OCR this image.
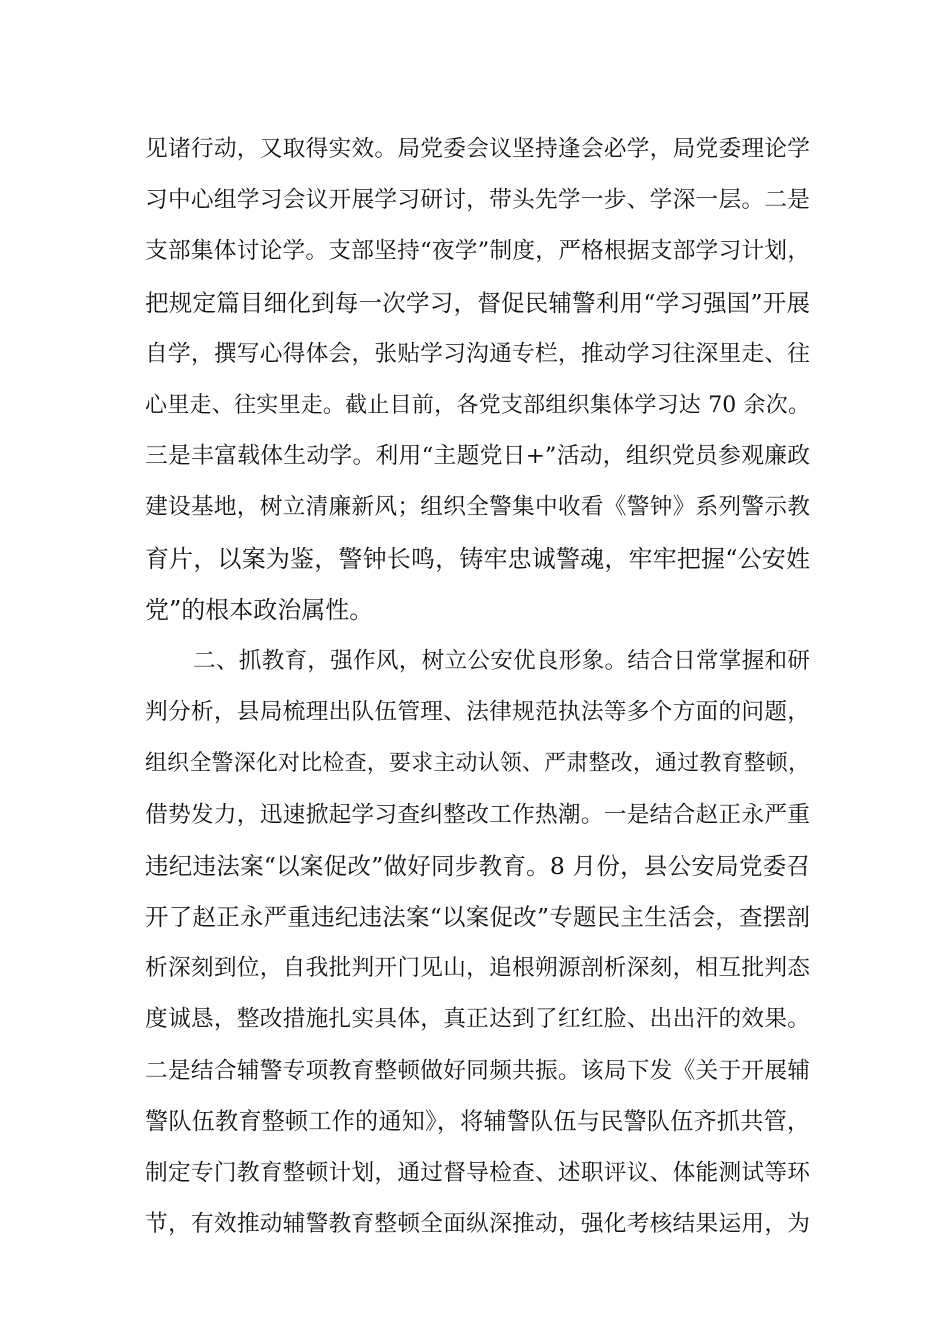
见诸行动，又取得实效。局党委会议坚持逢会必学，局党委理论学
习中心组学习会议开展学习研讨，带头先学一步、学深一层。二是
支部集体讨论学。支部坚持“夜学”制度，严格根据支部学习计划，
把规定篇目细化到每一次学习，督促民辅警利用“学习强国”开展
自学，撰写心得体会，张贴学习沟通专栏，推动学习往深里走、往
心里走、往实里走。截止目前，各党支部组织集体学习达 70 余次。
三是丰富载体生动学。利用“主题党日+”活动，组织党员参观廉政
建设基地，树立清廉新风；组织全警集中收看《警钟》系列警示教
育片，以案为鉴，警钟长鸣，铸牢忠诚警魂，牢牢把握“公安姓
党”的根本政治属性。
二、抓教育，强作风，树立公安优良形象。结合日常掌握和研
判分析，县局梳理出队伍管理、法律规范执法等多个方面的问题，
组织全警深化对比检查，要求主动认领、严肃整改，通过教育整顿，
借势发力，迅速掀起学习查纠整改工作热潮。一是结合赵正永严重
违纪违法案“以案促改”做好同步教育。8 月份，县公安局党委召
开了赵正永严重违纪违法案“以案促改”专题民主生活会，查摆剖
析深刻到位，自我批判开门见山，追根朔源剖析深刻，相互批判态
度诚恳，整改措施扎实具体，真正达到了红红脸、出出汗的效果。
二是结合辅警专项教育整顿做好同频共振。该局下发《关于开展辅
警队伍教育整顿工作的通知》，将辅警队伍与民警队伍齐抓共管，
制定专门教育整顿计划，通过督导检查、述职评议、体能测试等环
节，有效推动辅警教育整顿全面纵深推动，强化考核结果运用，为
